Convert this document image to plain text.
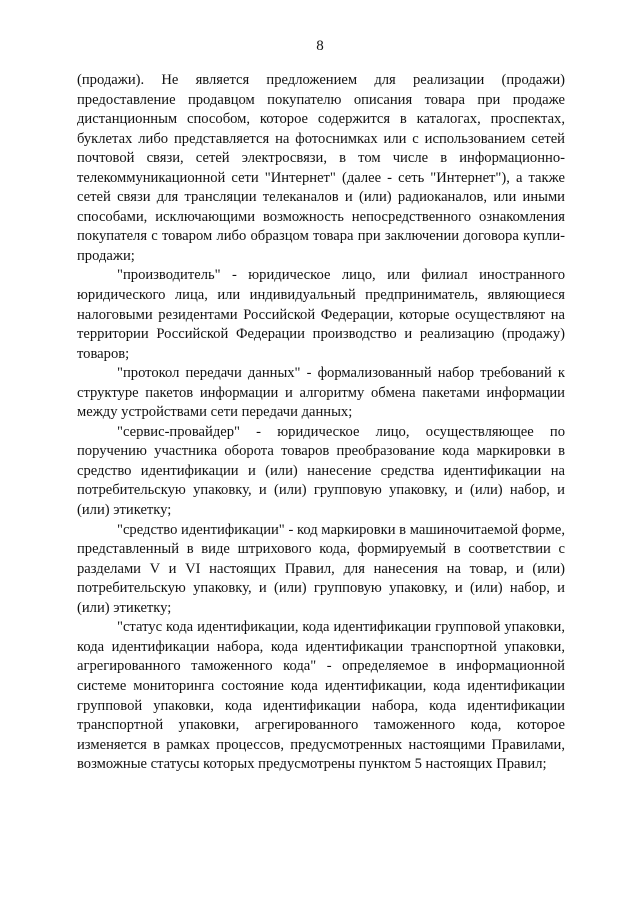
8

(продажи). Не является предложением для реализации (продажи) предоставление продавцом покупателю описания товара при продаже дистанционным способом, которое содержится в каталогах, проспектах, буклетах либо представляется на фотоснимках или с использованием сетей почтовой связи, сетей электросвязи, в том числе в информационно-телекоммуникационной сети "Интернет" (далее - сеть "Интернет"), а также сетей связи для трансляции телеканалов и (или) радиоканалов, или иными способами, исключающими возможность непосредственного ознакомления покупателя с товаром либо образцом товара при заключении договора купли-продажи;

"производитель" - юридическое лицо, или филиал иностранного юридического лица, или индивидуальный предприниматель, являющиеся налоговыми резидентами Российской Федерации, которые осуществляют на территории Российской Федерации производство и реализацию (продажу) товаров;

"протокол передачи данных" - формализованный набор требований к структуре пакетов информации и алгоритму обмена пакетами информации между устройствами сети передачи данных;

"сервис-провайдер" - юридическое лицо, осуществляющее по поручению участника оборота товаров преобразование кода маркировки в средство идентификации и (или) нанесение средства идентификации на потребительскую упаковку, и (или) групповую упаковку, и (или) набор, и (или) этикетку;

"средство идентификации" - код маркировки в машиночитаемой форме, представленный в виде штрихового кода, формируемый в соответствии с разделами V и VI настоящих Правил, для нанесения на товар, и (или) потребительскую упаковку, и (или) групповую упаковку, и (или) набор, и (или) этикетку;

"статус кода идентификации, кода идентификации групповой упаковки, кода идентификации набора, кода идентификации транспортной упаковки, агрегированного таможенного кода" - определяемое в информационной системе мониторинга состояние кода идентификации, кода идентификации групповой упаковки, кода идентификации набора, кода идентификации транспортной упаковки, агрегированного таможенного кода, которое изменяется в рамках процессов, предусмотренных настоящими Правилами, возможные статусы которых предусмотрены пунктом 5 настоящих Правил;
